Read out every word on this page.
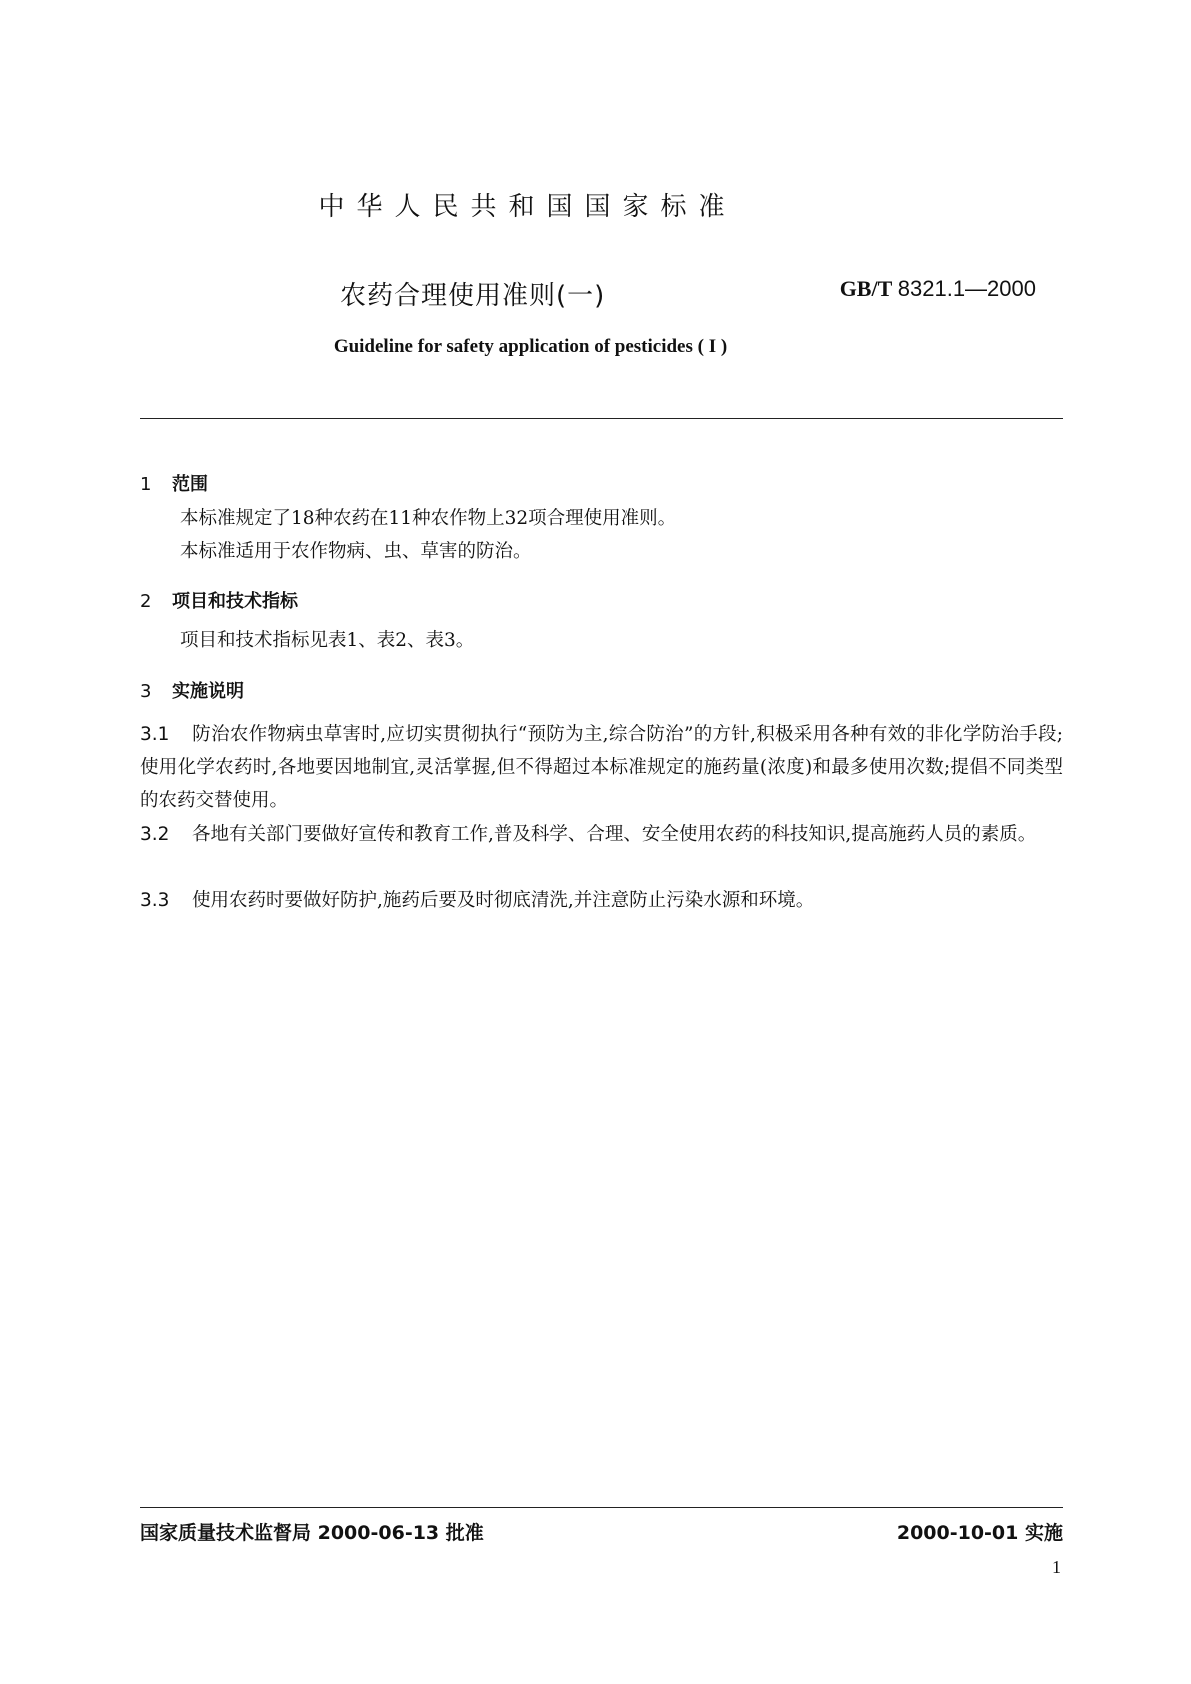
中华人民共和国国家标准
农药合理使用准则(一)	GB/T 8321.1—2000
Guideline for safety application of pesticides ( I )
1 范围
本标准规定了18种农药在11种农作物上32项合理使用准则。
本标准适用于农作物病、虫、草害的防治。
2 项目和技术指标
项目和技术指标见表1、表2、表3。
3 实施说明
3.1 防治农作物病虫草害时,应切实贯彻执行“预防为主,综合防治”的方针,积极采用各种有效的非化学防治手段;使用化学农药时,各地要因地制宜,灵活掌握,但不得超过本标准规定的施药量(浓度)和最多使用次数;提倡不同类型的农药交替使用。
3.2 各地有关部门要做好宣传和教育工作,普及科学、合理、安全使用农药的科技知识,提高施药人员的素质。
3.3 使用农药时要做好防护,施药后要及时彻底清洗,并注意防止污染水源和环境。
国家质量技术监督局 2000-06-13 批准	2000-10-01 实施
1
